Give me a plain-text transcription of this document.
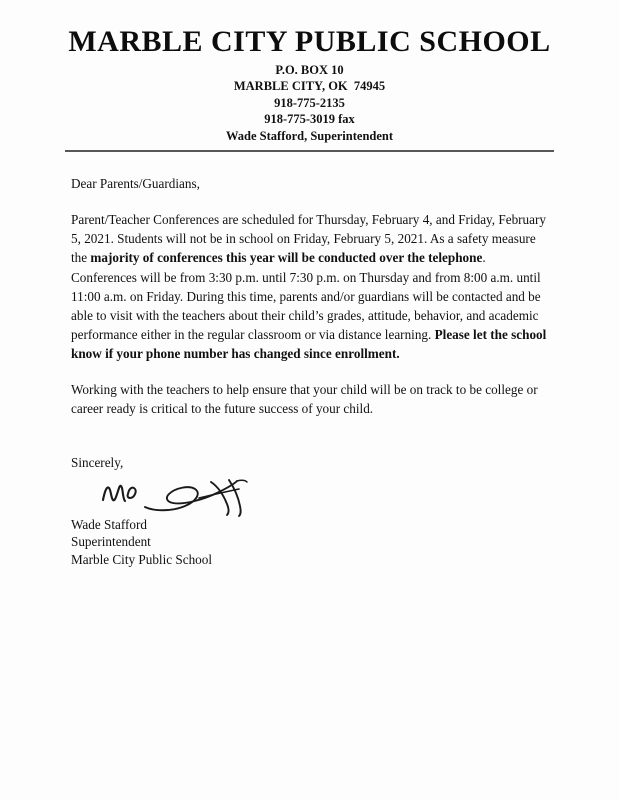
MARBLE CITY PUBLIC SCHOOL
P.O. BOX 10
MARBLE CITY, OK  74945
918-775-2135
918-775-3019 fax
Wade Stafford, Superintendent
Dear Parents/Guardians,

Parent/Teacher Conferences are scheduled for Thursday, February 4, and Friday, February 5, 2021. Students will not be in school on Friday, February 5, 2021. As a safety measure the majority of conferences this year will be conducted over the telephone. Conferences will be from 3:30 p.m. until 7:30 p.m. on Thursday and from 8:00 a.m. until 11:00 a.m. on Friday. During this time, parents and/or guardians will be contacted and be able to visit with the teachers about their child’s grades, attitude, behavior, and academic performance either in the regular classroom or via distance learning. Please let the school know if your phone number has changed since enrollment.

Working with the teachers to help ensure that your child will be on track to be college or career ready is critical to the future success of your child.

Sincerely,
Wade Stafford
Superintendent
Marble City Public School
